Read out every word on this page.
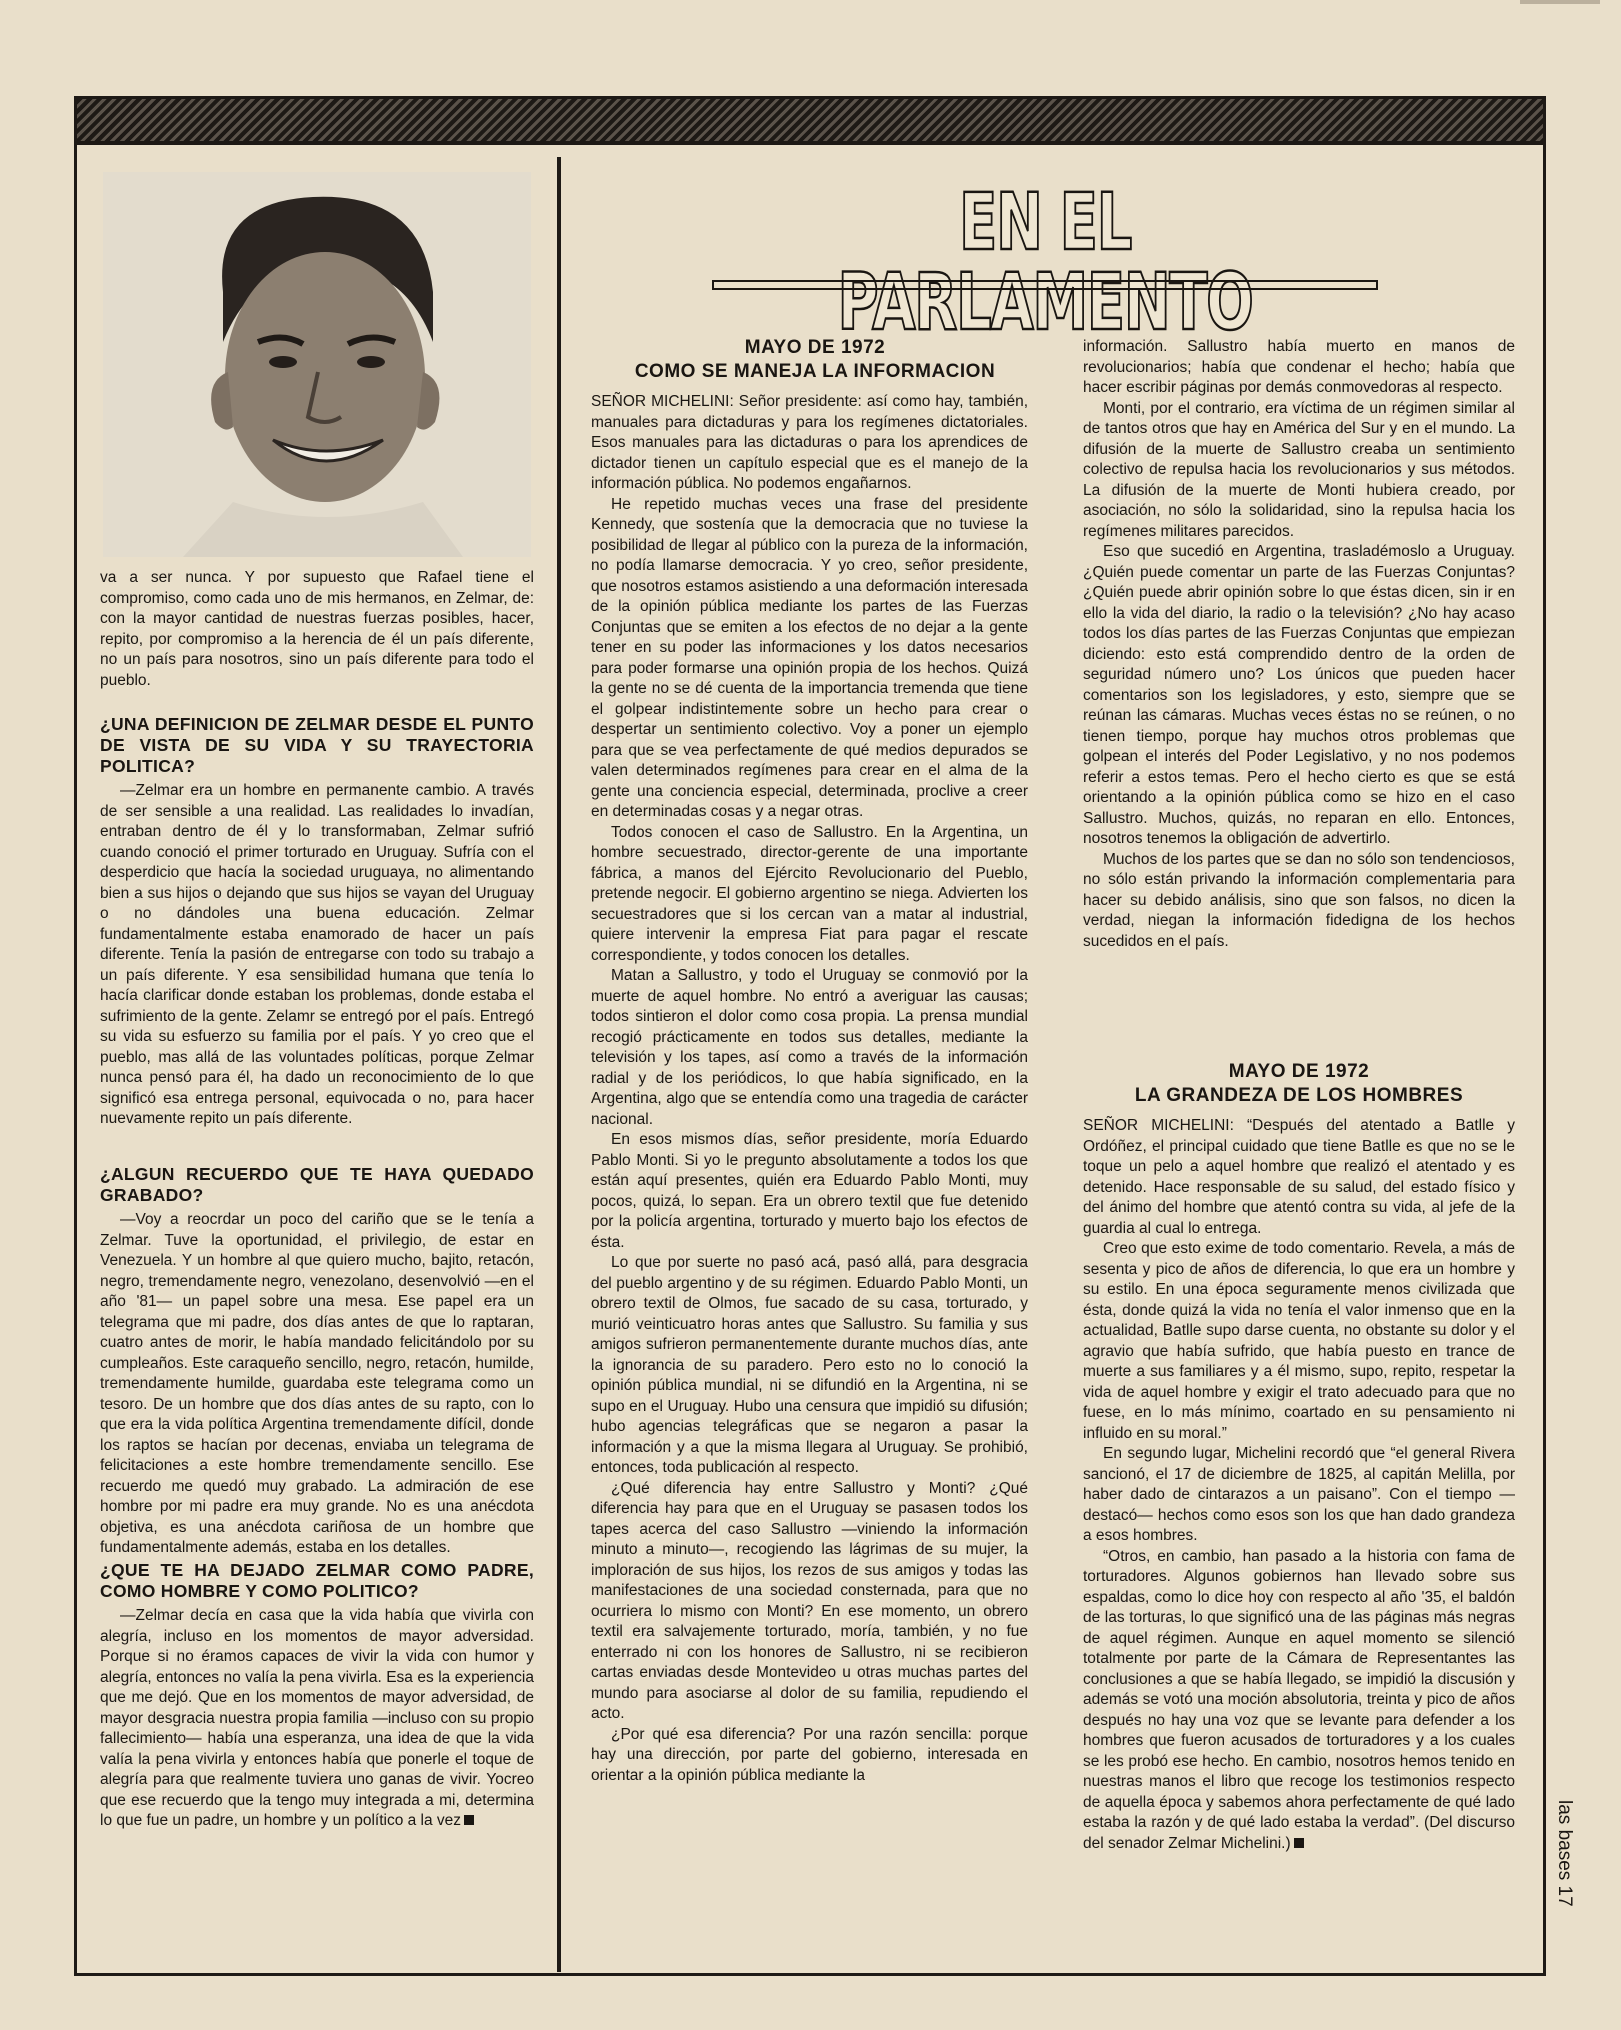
va a ser nunca. Y por supuesto que Rafael tiene el compromiso, como cada uno de mis hermanos, en Zelmar, de: con la mayor cantidad de nuestras fuerzas posibles, hacer, repito, por compromiso a la herencia de él un país diferente, no un país para nosotros, sino un país diferente para todo el pueblo.

¿UNA DEFINICION DE ZELMAR DESDE EL PUNTO DE VISTA DE SU VIDA Y SU TRAYECTORIA POLITICA?

—Zelmar era un hombre en permanente cambio. A través de ser sensible a una realidad. Las realidades lo invadían, entraban dentro de él y lo transformaban, Zelmar sufrió cuando conoció el primer torturado en Uruguay. Sufría con el desperdicio que hacía la sociedad uruguaya, no alimentando bien a sus hijos o dejando que sus hijos se vayan del Uruguay o no dándoles una buena educación. Zelmar fundamentalmente estaba enamorado de hacer un país diferente. Tenía la pasión de entregarse con todo su trabajo a un país diferente. Y esa sensibilidad humana que tenía lo hacía clarificar donde estaban los problemas, donde estaba el sufrimiento de la gente. Zelamr se entregó por el país. Entregó su vida su esfuerzo su familia por el país. Y yo creo que el pueblo, mas allá de las voluntades políticas, porque Zelmar nunca pensó para él, ha dado un reconocimiento de lo que significó esa entrega personal, equivocada o no, para hacer nuevamente repito un país diferente.

¿ALGUN RECUERDO QUE TE HAYA QUEDADO GRABADO?

—Voy a reocrdar un poco del cariño que se le tenía a Zelmar. Tuve la oportunidad, el privilegio, de estar en Venezuela. Y un hombre al que quiero mucho, bajito, retacón, negro, tremendamente negro, venezolano, desenvolvió —en el año '81— un papel sobre una mesa. Ese papel era un telegrama que mi padre, dos días antes de que lo raptaran, cuatro antes de morir, le había mandado felicitándolo por su cumpleaños. Este caraqueño sencillo, negro, retacón, humilde, tremendamente humilde, guardaba este telegrama como un tesoro. De un hombre que dos días antes de su rapto, con lo que era la vida política Argentina tremendamente difícil, donde los raptos se hacían por decenas, enviaba un telegrama de felicitaciones a este hombre tremendamente sencillo. Ese recuerdo me quedó muy grabado. La admiración de ese hombre por mi padre era muy grande. No es una anécdota objetiva, es una anécdota cariñosa de un hombre que fundamentalmente además, estaba en los detalles.

¿QUE TE HA DEJADO ZELMAR COMO PADRE, COMO HOMBRE Y COMO POLITICO?

—Zelmar decía en casa que la vida había que vivirla con alegría, incluso en los momentos de mayor adversidad. Porque si no éramos capaces de vivir la vida con humor y alegría, entonces no valía la pena vivirla. Esa es la experiencia que me dejó. Que en los momentos de mayor adversidad, de mayor desgracia nuestra propia familia —incluso con su propio fallecimiento— había una esperanza, una idea de que la vida valía la pena vivirla y entonces había que ponerle el toque de alegría para que realmente tuviera uno ganas de vivir. Yocreo que ese recuerdo que la tengo muy integrada a mi, determina lo que fue un padre, un hombre y un político a la vez

EN EL PARLAMENTO
MAYO DE 1972
COMO SE MANEJA LA INFORMACION

SEÑOR MICHELINI: Señor presidente: así como hay, también, manuales para dictaduras y para los regímenes dictatoriales. Esos manuales para las dictaduras o para los aprendices de dictador tienen un capítulo especial que es el manejo de la información pública. No podemos engañarnos.

He repetido muchas veces una frase del presidente Kennedy, que sostenía que la democracia que no tuviese la posibilidad de llegar al público con la pureza de la información, no podía llamarse democracia. Y yo creo, señor presidente, que nosotros estamos asistiendo a una deformación interesada de la opinión pública mediante los partes de las Fuerzas Conjuntas que se emiten a los efectos de no dejar a la gente tener en su poder las informaciones y los datos necesarios para poder formarse una opinión propia de los hechos. Quizá la gente no se dé cuenta de la importancia tremenda que tiene el golpear indistintemente sobre un hecho para crear o despertar un sentimiento colectivo. Voy a poner un ejemplo para que se vea perfectamente de qué medios depurados se valen determinados regímenes para crear en el alma de la gente una conciencia especial, determinada, proclive a creer en determinadas cosas y a negar otras.

Todos conocen el caso de Sallustro. En la Argentina, un hombre secuestrado, director-gerente de una importante fábrica, a manos del Ejército Revolucionario del Pueblo, pretende negocir. El gobierno argentino se niega. Advierten los secuestradores que si los cercan van a matar al industrial, quiere intervenir la empresa Fiat para pagar el rescate correspondiente, y todos conocen los detalles.

Matan a Sallustro, y todo el Uruguay se conmovió por la muerte de aquel hombre. No entró a averiguar las causas; todos sintieron el dolor como cosa propia. La prensa mundial recogió prácticamente en todos sus detalles, mediante la televisión y los tapes, así como a través de la información radial y de los periódicos, lo que había significado, en la Argentina, algo que se entendía como una tragedia de carácter nacional.

En esos mismos días, señor presidente, moría Eduardo Pablo Monti. Si yo le pregunto absolutamente a todos los que están aquí presentes, quién era Eduardo Pablo Monti, muy pocos, quizá, lo sepan. Era un obrero textil que fue detenido por la policía argentina, torturado y muerto bajo los efectos de ésta.

Lo que por suerte no pasó acá, pasó allá, para desgracia del pueblo argentino y de su régimen. Eduardo Pablo Monti, un obrero textil de Olmos, fue sacado de su casa, torturado, y murió veinticuatro horas antes que Sallustro. Su familia y sus amigos sufrieron permanentemente durante muchos días, ante la ignorancia de su paradero. Pero esto no lo conoció la opinión pública mundial, ni se difundió en la Argentina, ni se supo en el Uruguay. Hubo una censura que impidió su difusión; hubo agencias telegráficas que se negaron a pasar la información y a que la misma llegara al Uruguay. Se prohibió, entonces, toda publicación al respecto.

¿Qué diferencia hay entre Sallustro y Monti? ¿Qué diferencia hay para que en el Uruguay se pasasen todos los tapes acerca del caso Sallustro —viniendo la información minuto a minuto—, recogiendo las lágrimas de su mujer, la imploración de sus hijos, los rezos de sus amigos y todas las manifestaciones de una sociedad consternada, para que no ocurriera lo mismo con Monti? En ese momento, un obrero textil era salvajemente torturado, moría, también, y no fue enterrado ni con los honores de Sallustro, ni se recibieron cartas enviadas desde Montevideo u otras muchas partes del mundo para asociarse al dolor de su familia, repudiendo el acto.

¿Por qué esa diferencia? Por una razón sencilla: porque hay una dirección, por parte del gobierno, interesada en orientar a la opinión pública mediante la

información. Sallustro había muerto en manos de revolucionarios; había que condenar el hecho; había que hacer escribir páginas por demás conmovedoras al respecto.

Monti, por el contrario, era víctima de un régimen similar al de tantos otros que hay en América del Sur y en el mundo. La difusión de la muerte de Sallustro creaba un sentimiento colectivo de repulsa hacia los revolucionarios y sus métodos. La difusión de la muerte de Monti hubiera creado, por asociación, no sólo la solidaridad, sino la repulsa hacia los regímenes militares parecidos.

Eso que sucedió en Argentina, trasladémoslo a Uruguay. ¿Quién puede comentar un parte de las Fuerzas Conjuntas? ¿Quién puede abrir opinión sobre lo que éstas dicen, sin ir en ello la vida del diario, la radio o la televisión? ¿No hay acaso todos los días partes de las Fuerzas Conjuntas que empiezan diciendo: esto está comprendido dentro de la orden de seguridad número uno? Los únicos que pueden hacer comentarios son los legisladores, y esto, siempre que se reúnan las cámaras. Muchas veces éstas no se reúnen, o no tienen tiempo, porque hay muchos otros problemas que golpean el interés del Poder Legislativo, y no nos podemos referir a estos temas. Pero el hecho cierto es que se está orientando a la opinión pública como se hizo en el caso Sallustro. Muchos, quizás, no reparan en ello. Entonces, nosotros tenemos la obligación de advertirlo.

Muchos de los partes que se dan no sólo son tendenciosos, no sólo están privando la información complementaria para hacer su debido análisis, sino que son falsos, no dicen la verdad, niegan la información fidedigna de los hechos sucedidos en el país.

MAYO DE 1972
LA GRANDEZA DE LOS HOMBRES

SEÑOR MICHELINI: “Después del atentado a Batlle y Ordóñez, el principal cuidado que tiene Batlle es que no se le toque un pelo a aquel hombre que realizó el atentado y es detenido. Hace responsable de su salud, del estado físico y del ánimo del hombre que atentó contra su vida, al jefe de la guardia al cual lo entrega.

Creo que esto exime de todo comentario. Revela, a más de sesenta y pico de años de diferencia, lo que era un hombre y su estilo. En una época seguramente menos civilizada que ésta, donde quizá la vida no tenía el valor inmenso que en la actualidad, Batlle supo darse cuenta, no obstante su dolor y el agravio que había sufrido, que había puesto en trance de muerte a sus familiares y a él mismo, supo, repito, respetar la vida de aquel hombre y exigir el trato adecuado para que no fuese, en lo más mínimo, coartado en su pensamiento ni influido en su moral.”

En segundo lugar, Michelini recordó que “el general Rivera sancionó, el 17 de diciembre de 1825, al capitán Melilla, por haber dado de cintarazos a un paisano”. Con el tiempo —destacó— hechos como esos son los que han dado grandeza a esos hombres.

“Otros, en cambio, han pasado a la historia con fama de torturadores. Algunos gobiernos han llevado sobre sus espaldas, como lo dice hoy con respecto al año '35, el baldón de las torturas, lo que significó una de las páginas más negras de aquel régimen. Aunque en aquel momento se silenció totalmente por parte de la Cámara de Representantes las conclusiones a que se había llegado, se impidió la discusión y además se votó una moción absolutoria, treinta y pico de años después no hay una voz que se levante para defender a los hombres que fueron acusados de torturadores y a los cuales se les probó ese hecho. En cambio, nosotros hemos tenido en nuestras manos el libro que recoge los testimonios respecto de aquella época y sabemos ahora perfectamente de qué lado estaba la razón y de qué lado estaba la verdad”. (Del discurso del senador Zelmar Michelini.)	las bases 17
